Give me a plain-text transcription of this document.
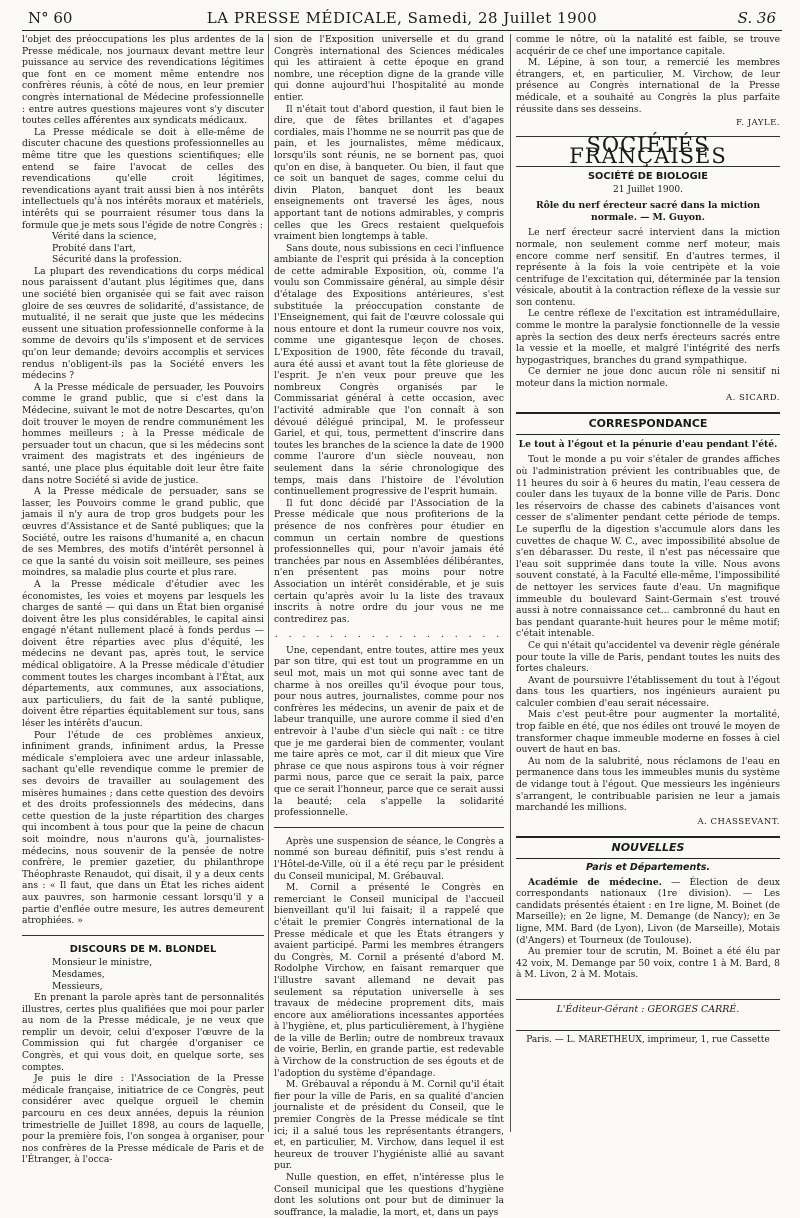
N° 60	LA PRESSE MÉDICALE, Samedi, 28 Juillet 1900	S. 36

l'objet des préoccupations les plus ardentes de la Presse médicale, nos journaux devant mettre leur puissance au service des revendications légitimes que font en ce moment même entendre nos confrères réunis, à côté de nous, en leur premier congrès international de Médecine professionnelle : entre autres questions majeures vont s'y discuter toutes celles afférentes aux syndicats médicaux.

La Presse médicale se doit à elle-même de discuter chacune des questions professionnelles au même titre que les questions scientifiques; elle entend se faire l'avocat de celles des revendications qu'elle croit légitimes, revendications ayant trait aussi bien à nos intérêts intellectuels qu'à nos intérêts moraux et matériels, intérêts qui se pourraient résumer tous dans la formule que je mets sous l'égide de notre Congrès :

Vérité dans la science,

Probité dans l'art,

Sécurité dans la profession.

La plupart des revendications du corps médical nous paraissent d'autant plus légitimes que, dans une société bien organisée qui se fait avec raison gloire de ses œuvres de solidarité, d'assistance, de mutualité, il ne serait que juste que les médecins eussent une situation professionnelle conforme à la somme de devoirs qu'ils s'imposent et de services qu'on leur demande; devoirs accomplis et services rendus n'obligent-ils pas la Société envers les médecins ?

A la Presse médicale de persuader, les Pouvoirs comme le grand public, que si c'est dans la Médecine, suivant le mot de notre Descartes, qu'on doit trouver le moyen de rendre communément les hommes meilleurs ; à la Presse médicale de persuader tout un chacun, que si les médecins sont vraiment des magistrats et des ingénieurs de santé, une place plus équitable doit leur être faite dans notre Société si avide de justice.

A la Presse médicale de persuader, sans se lasser, les Pouvoirs comme le grand public, que jamais il n'y aura de trop gros budgets pour les œuvres d'Assistance et de Santé publiques; que la Société, outre les raisons d'humanité a, en chacun de ses Membres, des motifs d'intérêt personnel à ce que la santé du voisin soit meilleure, ses peines moindres, sa maladie plus courte et plus rare.

A la Presse médicale d'étudier avec les économistes, les voies et moyens par lesquels les charges de santé — qui dans un État bien organisé doivent être les plus considérables, le capital ainsi engagé n'étant nullement placé à fonds perdus — doivent être réparties avec plus d'équité, les médecins ne devant pas, après tout, le service médical obligatoire. A la Presse médicale d'étudier comment toutes les charges incombant à l'État, aux départements, aux communes, aux associations, aux particuliers, du fait de la santé publique, doivent être réparties équitablement sur tous, sans léser les intérêts d'aucun.

Pour l'étude de ces problèmes anxieux, infiniment grands, infiniment ardus, la Presse médicale s'emploiera avec une ardeur inlassable, sachant qu'elle revendique comme le premier de ses devoirs de travailler au soulagement des misères humaines ; dans cette question des devoirs et des droits professionnels des médecins, dans cette question de la juste répartition des charges qui incombent à tous pour que la peine de chacun soit moindre, nous n'aurons qu'à, journalistes-médecins, nous souvenir de la pensée de notre confrère, le premier gazetier, du philanthrope Théophraste Renaudot, qui disait, il y a deux cents ans : « Il faut, que dans un État les riches aident aux pauvres, son harmonie cessant lorsqu'il y a partie d'enflée outre mesure, les autres demeurent atrophiées. »

DISCOURS DE M. BLONDEL

Monsieur le ministre,

Mesdames,

Messieurs,

En prenant la parole après tant de personnalités illustres, certes plus qualifiées que moi pour parler au nom de la Presse médicale, je ne veux que remplir un devoir, celui d'exposer l'œuvre de la Commission qui fut chargée d'organiser ce Congrès, et qui vous doit, en quelque sorte, ses comptes.

Je puis le dire : l'Association de la Presse médicale française, initiatrice de ce Congrès, peut considérer avec quelque orgueil le chemin parcouru en ces deux années, depuis la réunion trimestrielle de Juillet 1898, au cours de laquelle, pour la première fois, l'on songea à organiser, pour nos confrères de la Presse médicale de Paris et de l'Étranger, à l'occa-

sion de l'Exposition universelle et du grand Congrès international des Sciences médicales qui les attiraient à cette époque en grand nombre, une réception digne de la grande ville qui donne aujourd'hui l'hospitalité au monde entier.

Il n'était tout d'abord question, il faut bien le dire, que de fêtes brillantes et d'agapes cordiales, mais l'homme ne se nourrit pas que de pain, et les journalistes, même médicaux, lorsqu'ils sont réunis, ne se bornent pas, quoi qu'on en dise, à banqueter. Ou bien, il faut que ce soit un banquet de sages, comme celui du divin Platon, banquet dont les beaux enseignements ont traversé les âges, nous apportant tant de notions admirables, y compris celles que les Grecs restaient quelquefois vraiment bien longtemps à table.

Sans doute, nous subissions en ceci l'influence ambiante de l'esprit qui présida à la conception de cette admirable Exposition, où, comme l'a voulu son Commissaire général, au simple désir d'étalage des Expositions antérieures, s'est substituée la préoccupation constante de l'Enseignement, qui fait de l'œuvre colossale qui nous entoure et dont la rumeur couvre nos voix, comme une gigantesque leçon de choses. L'Exposition de 1900, fête féconde du travail, aura été aussi et avant tout la fête glorieuse de l'esprit. Je n'en veux pour preuve que les nombreux Congrès organisés par le Commissariat général à cette occasion, avec l'activité admirable que l'on connaît à son dévoué délégué principal, M. le professeur Gariel, et qui, tous, permettent d'inscrire dans toutes les branches de la science la date de 1900 comme l'aurore d'un siècle nouveau, non seulement dans la série chronologique des temps, mais dans l'histoire de l'évolution continuellement progressive de l'esprit humain.

Il fut donc décidé par l'Association de la Presse médicale que nous profiterions de la présence de nos confrères pour étudier en commun un certain nombre de questions professionnelles qui, pour n'avoir jamais été tranchées par nous en Assemblées délibérantes, n'en présentent pas moins pour notre Association un intérêt considérable, et je suis certain qu'après avoir lu la liste des travaux inscrits à notre ordre du jour vous ne me contredirez pas.

. . . . . . . . . . . . . . . . .

Une, cependant, entre toutes, attire mes yeux par son titre, qui est tout un programme en un seul mot, mais un mot qui sonne avec tant de charme à nos oreilles qu'il évoque pour tous, pour nous autres, journalistes, comme pour nos confrères les médecins, un avenir de paix et de labeur tranquille, une aurore comme il sied d'en entrevoir à l'aube d'un siècle qui naît : ce titre que je me garderai bien de commenter, voulant me taire après ce mot, car il dit mieux que Vire phrase ce que nous aspirons tous à voir régner parmi nous, parce que ce serait la paix, parce que ce serait l'honneur, parce que ce serait aussi la beauté; cela s'appelle la solidarité professionnelle.

Après une suspension de séance, le Congrès a nommé son bureau définitif, puis s'est rendu à l'Hôtel-de-Ville, où il a été reçu par le président du Conseil municipal, M. Grébauval.

M. Cornil a présenté le Congrès en remerciant le Conseil municipal de l'accueil bienveillant qu'il lui faisait; il a rappelé que c'était le premier Congrès international de la Presse médicale et que les États étrangers y avaient participé. Parmi les membres étrangers du Congrès, M. Cornil a présenté d'abord M. Rodolphe Virchow, en faisant remarquer que l'illustre savant allemand ne devait pas seulement sa réputation universelle à ses travaux de médecine proprement dits, mais encore aux améliorations incessantes apportées à l'hygiène, et, plus particulièrement, à l'hygiène de la ville de Berlin; outre de nombreux travaux de voirie, Berlin, en grande partie, est redevable à Virchow de la construction de ses égouts et de l'adoption du système d'épandage.

M. Grébauval a répondu à M. Cornil qu'il était fier pour la ville de Paris, en sa qualité d'ancien journaliste et de président du Conseil, que le premier Congrès de la Presse médicale se tînt ici; il a salué tous les représentants étrangers, et, en particulier, M. Virchow, dans lequel il est heureux de trouver l'hygiéniste allié au savant pur.

Nulle question, en effet, n'intéresse plus le Conseil municipal que les questions d'hygiène dont les solutions ont pour but de diminuer la souffrance, la maladie, la mort, et, dans un pays

comme le nôtre, où la natalité est faible, se trouve acquérir de ce chef une importance capitale.

M. Lépine, à son tour, a remercié les membres étrangers, et, en particulier, M. Virchow, de leur présence au Congrès international de la Presse médicale, et a souhaité au Congrès la plus parfaite réussite dans ses desseins.

F. JAYLE.

SOCIÉTÉS FRANÇAISES
SOCIÉTÉ DE BIOLOGIE
21 Juillet 1900.

Rôle du nerf érecteur sacré dans la miction normale. — M. Guyon.

Le nerf érecteur sacré intervient dans la miction normale, non seulement comme nerf moteur, mais encore comme nerf sensitif. En d'autres termes, il représente à la fois la voie centripète et la voie centrifuge de l'excitation qui, déterminée par la tension vésicale, aboutit à la contraction réflexe de la vessie sur son contenu.

Le centre réflexe de l'excitation est intramédullaire, comme le montre la paralysie fonctionnelle de la vessie après la section des deux nerfs érecteurs sacrés entre la vessie et la moelle, et malgré l'intégrité des nerfs hypogastriques, branches du grand sympathique.

Ce dernier ne joue donc aucun rôle ni sensitif ni moteur dans la miction normale.

A. SICARD.

CORRESPONDANCE

Le tout à l'égout et la pénurie d'eau pendant l'été.

Tout le monde a pu voir s'étaler de grandes affiches où l'administration prévient les contribuables que, de 11 heures du soir à 6 heures du matin, l'eau cessera de couler dans les tuyaux de la bonne ville de Paris. Donc les réservoirs de chasse des cabinets d'aisances vont cesser de s'alimenter pendant cette période de temps. Le superflu de la digestion s'accumule alors dans les cuvettes de chaque W. C., avec impossibilité absolue de s'en débarasser. Du reste, il n'est pas nécessaire que l'eau soit supprimée dans toute la ville. Nous avons souvent constaté, à la Faculté elle-même, l'impossibilité de nettoyer les services faute d'eau. Un magnifique immeuble du boulevard Saint-Germain s'est trouvé aussi à notre connaissance cet... cambronné du haut en bas pendant quarante-huit heures pour le même motif; c'était intenable.

Ce qui n'était qu'accidentel va devenir règle générale pour toute la ville de Paris, pendant toutes les nuits des fortes chaleurs.

Avant de poursuivre l'établissement du tout à l'égout dans tous les quartiers, nos ingénieurs auraient pu calculer combien d'eau serait nécessaire.

Mais c'est peut-être pour augmenter la mortalité, trop faible en été, que nos édiles ont trouvé le moyen de transformer chaque immeuble moderne en fosses à ciel ouvert de haut en bas.

Au nom de la salubrité, nous réclamons de l'eau en permanence dans tous les immeubles munis du système de vidange tout à l'égout. Que messieurs les ingénieurs s'arrangent, le contribuable parisien ne leur a jamais marchandé les millions.

A. CHASSEVANT.

NOUVELLES
Paris et Départements.

Académie de médecine. — Élection de deux correspondants nationaux (1re division). — Les candidats présentés étaient : en 1re ligne, M. Boinet (de Marseille); en 2e ligne, M. Demange (de Nancy); en 3e ligne, MM. Bard (de Lyon), Livon (de Marseille), Motais (d'Angers) et Tourneux (de Toulouse).

Au premier tour de scrutin, M. Boinet a été élu par 42 voix, M. Demange par 50 voix, contre 1 à M. Bard, 8 à M. Livon, 2 à M. Motais.

L'Éditeur-Gérant : GEORGES CARRÉ.
Paris. — L. MARETHEUX, imprimeur, 1, rue Cassette
